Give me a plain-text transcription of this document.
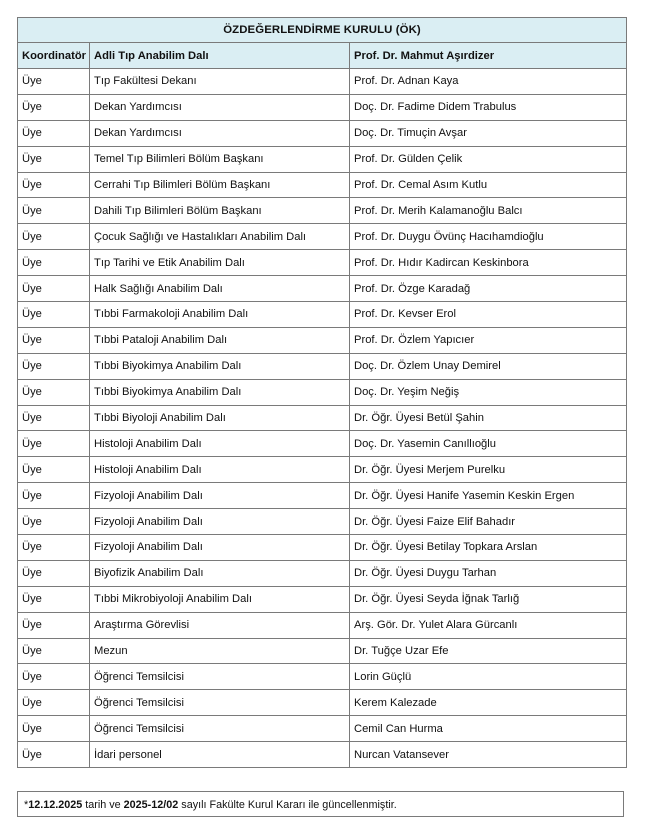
ÖZDEĞERLENDİRME KURULU (ÖK)		
Koordinatör	Adli Tıp Anabilim Dalı	Prof. Dr. Mahmut Aşırdizer
Üye	Tıp Fakültesi Dekanı	Prof. Dr. Adnan Kaya
Üye	Dekan Yardımcısı	Doç. Dr. Fadime Didem Trabulus
Üye	Dekan Yardımcısı	Doç. Dr. Timuçin Avşar
Üye	Temel Tıp Bilimleri Bölüm Başkanı	Prof. Dr. Gülden Çelik
Üye	Cerrahi Tıp Bilimleri Bölüm Başkanı	Prof. Dr. Cemal Asım Kutlu
Üye	Dahili Tıp Bilimleri Bölüm Başkanı	Prof. Dr. Merih Kalamanoğlu Balcı
Üye	Çocuk Sağlığı ve Hastalıkları Anabilim Dalı	Prof. Dr. Duygu Övünç Hacıhamdioğlu
Üye	Tıp Tarihi ve Etik Anabilim Dalı	Prof. Dr. Hıdır Kadircan Keskinbora
Üye	Halk Sağlığı Anabilim Dalı	Prof. Dr. Özge Karadağ
Üye	Tıbbi Farmakoloji Anabilim Dalı	Prof. Dr. Kevser Erol
Üye	Tıbbi Pataloji Anabilim Dalı	Prof. Dr. Özlem Yapıcıer
Üye	Tıbbi Biyokimya Anabilim Dalı	Doç. Dr. Özlem Unay Demirel
Üye	Tıbbi Biyokimya Anabilim Dalı	Doç. Dr. Yeşim Neğiş
Üye	Tıbbi Biyoloji Anabilim Dalı	Dr. Öğr. Üyesi Betül Şahin
Üye	Histoloji Anabilim Dalı	Doç. Dr. Yasemin Canıllıoğlu
Üye	Histoloji Anabilim Dalı	Dr. Öğr. Üyesi Merjem Purelku
Üye	Fizyoloji Anabilim Dalı	Dr. Öğr. Üyesi Hanife Yasemin Keskin Ergen
Üye	Fizyoloji Anabilim Dalı	Dr. Öğr. Üyesi Faize Elif Bahadır
Üye	Fizyoloji Anabilim Dalı	Dr. Öğr. Üyesi Betilay Topkara Arslan
Üye	Biyofizik Anabilim Dalı	Dr. Öğr. Üyesi Duygu Tarhan
Üye	Tıbbi Mikrobiyoloji Anabilim Dalı	Dr. Öğr. Üyesi Seyda İğnak Tarlığ
Üye	Araştırma Görevlisi	Arş. Gör. Dr. Yulet Alara Gürcanlı
Üye	Mezun	Dr. Tuğçe Uzar Efe
Üye	Öğrenci Temsilcisi	Lorin Güçlü
Üye	Öğrenci Temsilcisi	Kerem Kalezade
Üye	Öğrenci Temsilcisi	Cemil Can Hurma
Üye	İdari personel	Nurcan Vatansever
*12.12.2025 tarih ve 2025-12/02 sayılı Fakülte Kurul Kararı ile güncellenmiştir.
